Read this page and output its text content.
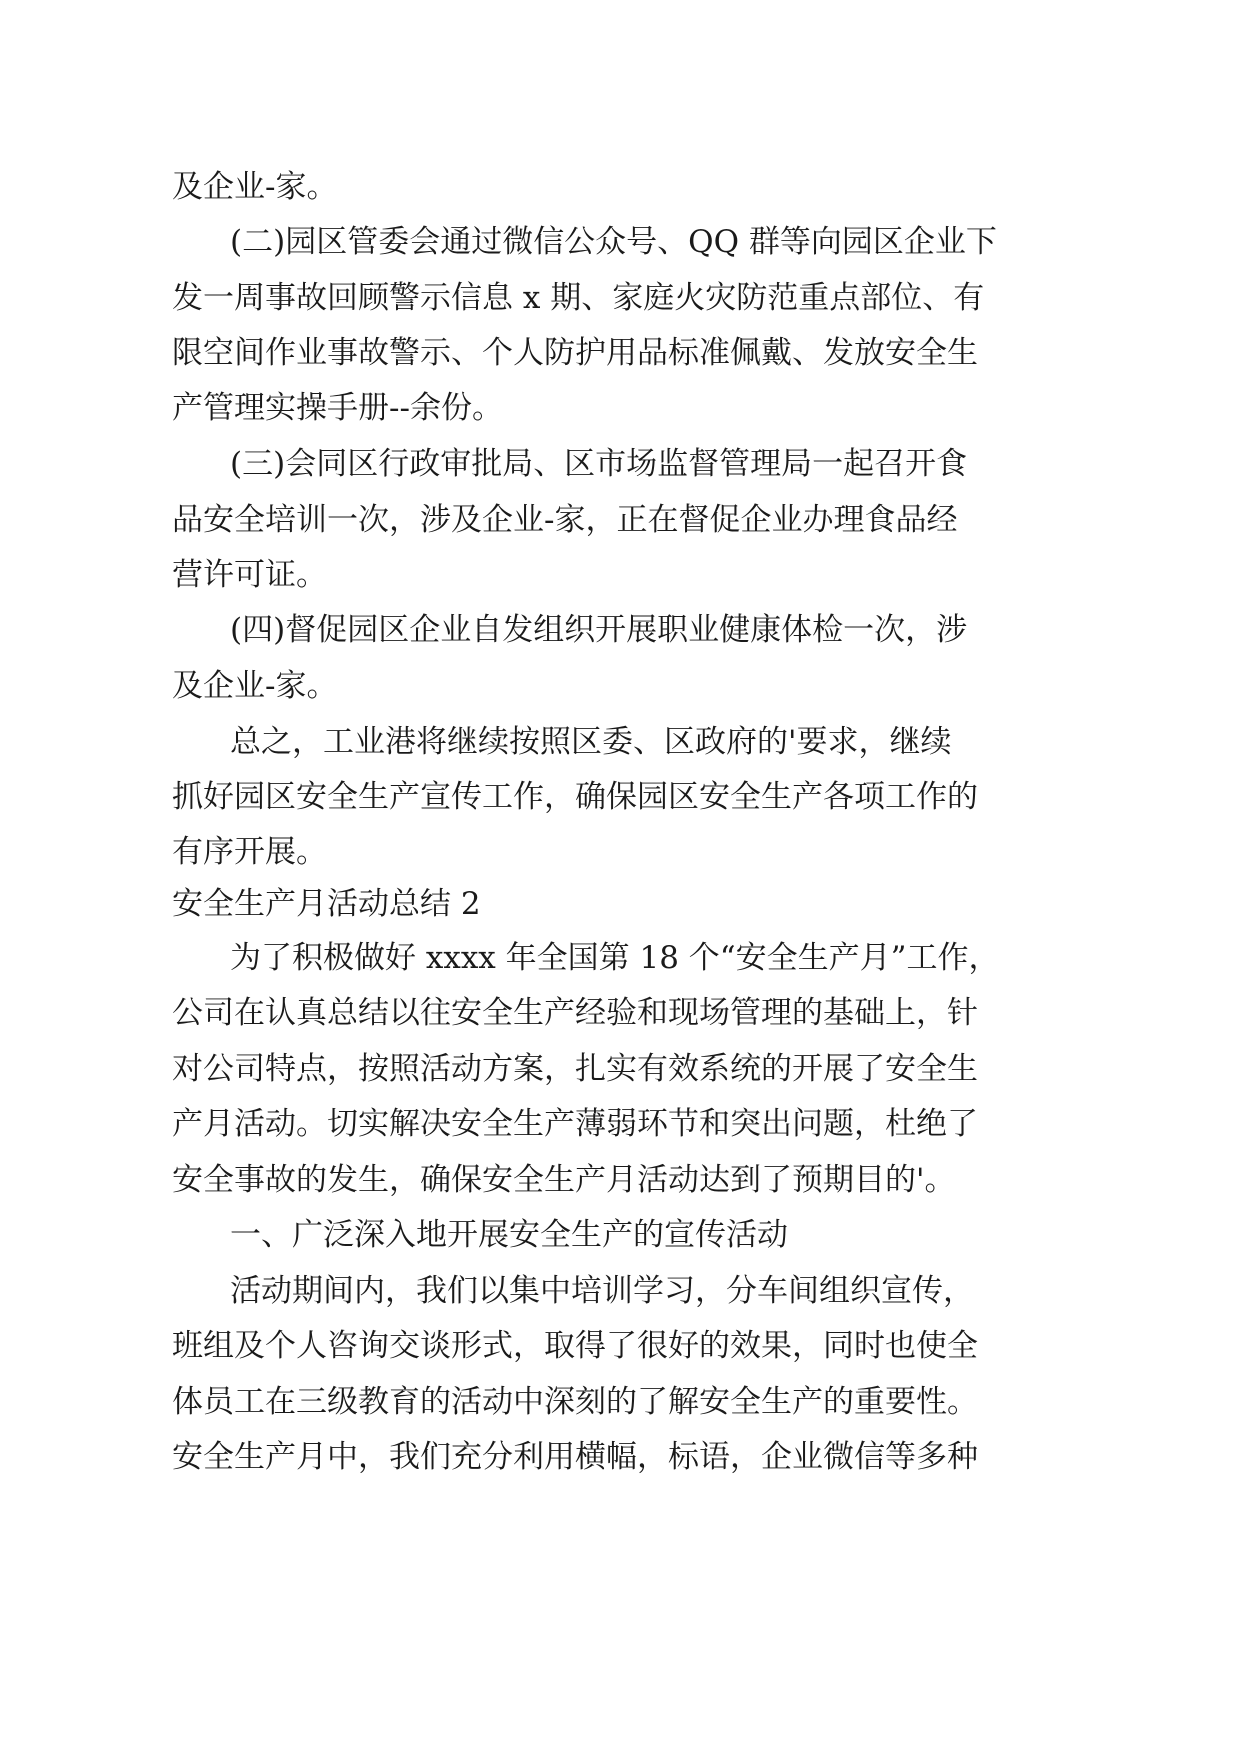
及企业-家。
(二)园区管委会通过微信公众号、QQ 群等向园区企业下
发一周事故回顾警示信息 x 期、家庭火灾防范重点部位、有
限空间作业事故警示、个人防护用品标准佩戴、发放安全生
产管理实操手册--余份。
(三)会同区行政审批局、区市场监督管理局一起召开食
品安全培训一次，涉及企业-家，正在督促企业办理食品经
营许可证。
(四)督促园区企业自发组织开展职业健康体检一次，涉
及企业-家。
总之，工业港将继续按照区委、区政府的'要求，继续
抓好园区安全生产宣传工作，确保园区安全生产各项工作的
有序开展。
安全生产月活动总结 2
为了积极做好 xxxx 年全国第 18 个“安全生产月”工作，
公司在认真总结以往安全生产经验和现场管理的基础上，针
对公司特点，按照活动方案，扎实有效系统的开展了安全生
产月活动。切实解决安全生产薄弱环节和突出问题，杜绝了
安全事故的发生，确保安全生产月活动达到了预期目的'。
一、广泛深入地开展安全生产的宣传活动
活动期间内，我们以集中培训学习，分车间组织宣传，
班组及个人咨询交谈形式，取得了很好的效果，同时也使全
体员工在三级教育的活动中深刻的了解安全生产的重要性。
安全生产月中，我们充分利用横幅，标语，企业微信等多种
